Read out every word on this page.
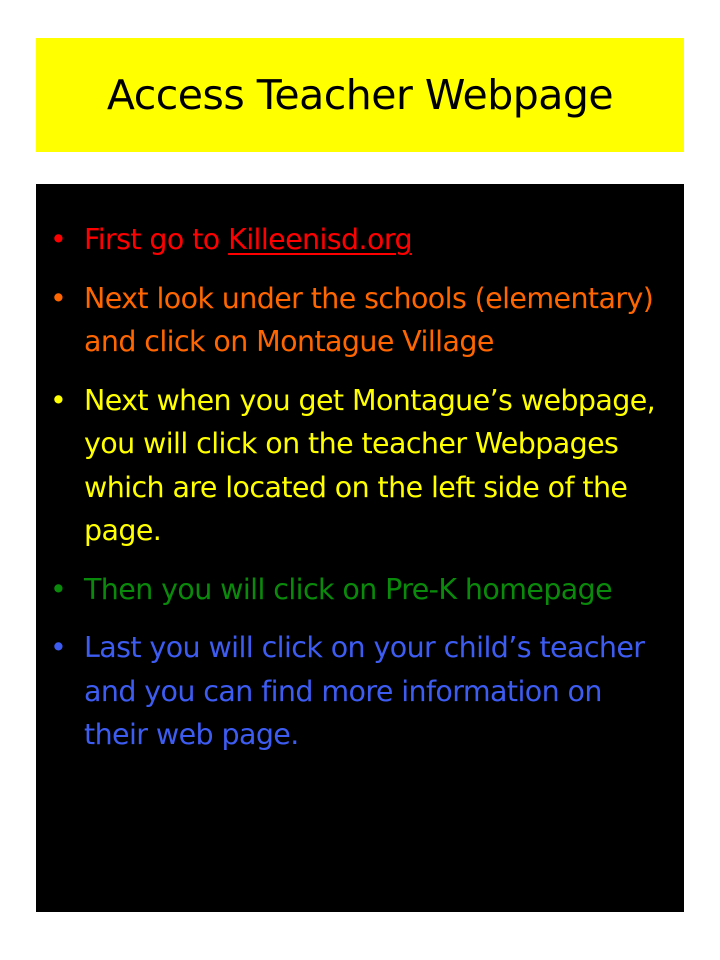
Access Teacher Webpage
• First go to Killeenisd.org
• Next look under the schools (elementary) and click on Montague Village
• Next when you get Montague’s webpage, you will click on the teacher Webpages which are located on the left side of the page.
• Then you will click on Pre-K homepage
• Last you will click on your child’s teacher and you can find more information on their web page.
